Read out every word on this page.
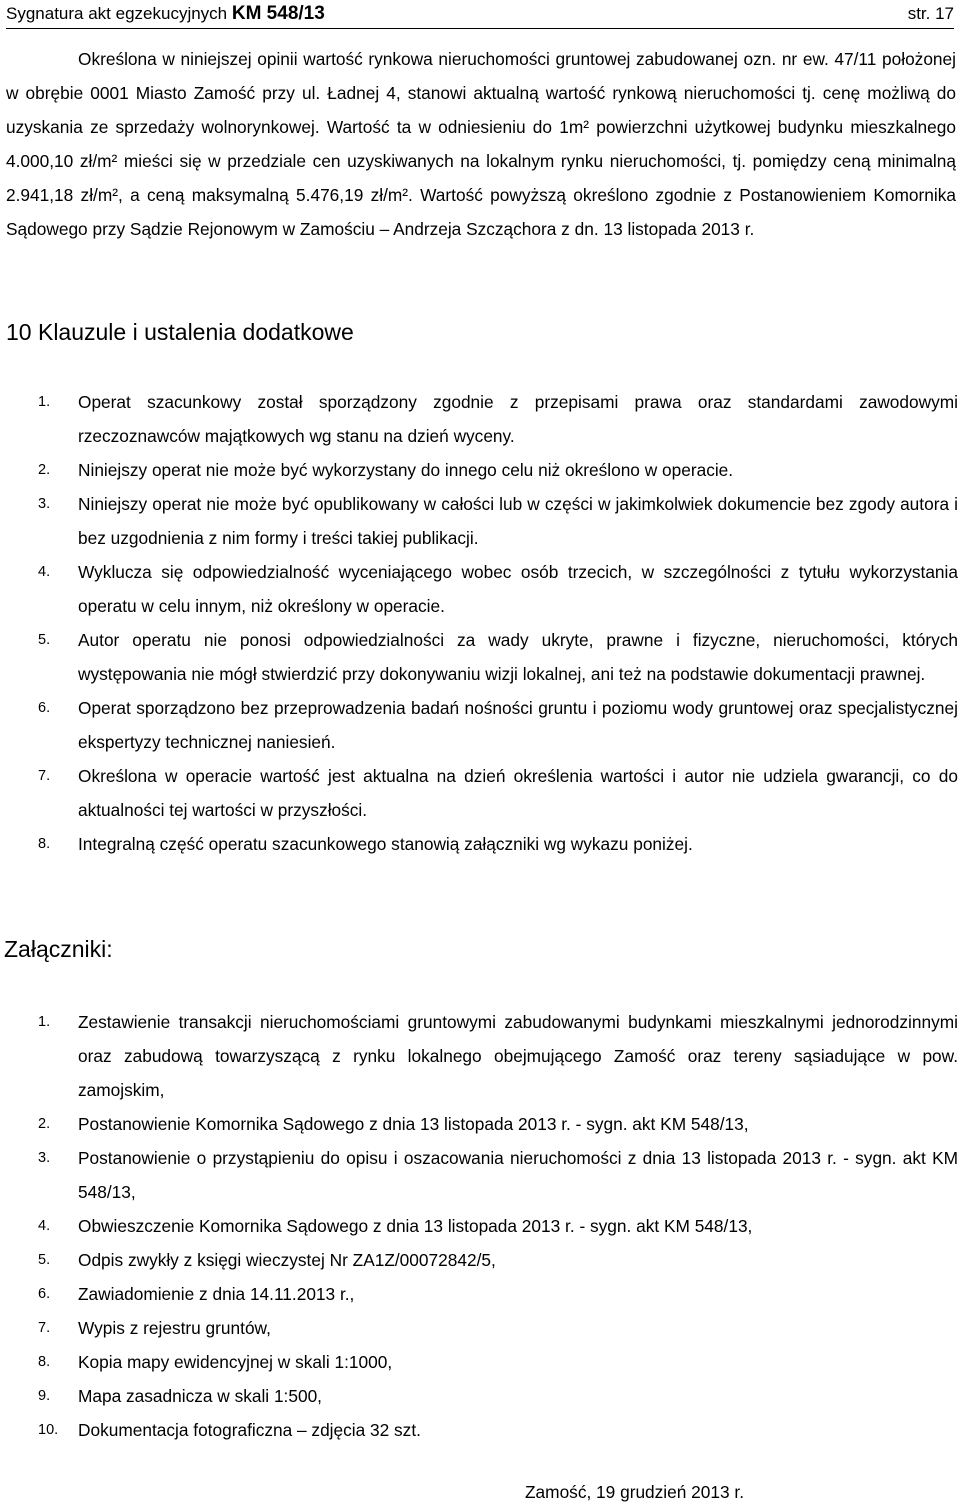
Sygnatura akt egzekucyjnych KM 548/13	str. 17

Określona w niniejszej opinii wartość rynkowa nieruchomości gruntowej zabudowanej ozn. nr ew. 47/11 położonej w obrębie 0001 Miasto Zamość przy ul. Ładnej 4, stanowi aktualną wartość rynkową nieruchomości tj. cenę możliwą do uzyskania ze sprzedaży wolnorynkowej. Wartość ta w odniesieniu do 1m² powierzchni użytkowej budynku mieszkalnego 4.000,10 zł/m² mieści się w przedziale cen uzyskiwanych na lokalnym rynku nieruchomości, tj. pomiędzy ceną minimalną 2.941,18 zł/m², a ceną maksymalną 5.476,19 zł/m². Wartość powyższą określono zgodnie z Postanowieniem Komornika Sądowego przy Sądzie Rejonowym w Zamościu – Andrzeja Szcząchora z dn. 13 listopada 2013 r.

10 Klauzule i ustalenia dodatkowe
1. Operat szacunkowy został sporządzony zgodnie z przepisami prawa oraz standardami zawodowymi rzeczoznawców majątkowych wg stanu na dzień wyceny.
2. Niniejszy operat nie może być wykorzystany do innego celu niż określono w operacie.
3. Niniejszy operat nie może być opublikowany w całości lub w części w jakimkolwiek dokumencie bez zgody autora i bez uzgodnienia z nim formy i treści takiej publikacji.
4. Wyklucza się odpowiedzialność wyceniającego wobec osób trzecich, w szczególności z tytułu wykorzystania operatu w celu innym, niż określony w operacie.
5. Autor operatu nie ponosi odpowiedzialności za wady ukryte, prawne i fizyczne, nieruchomości, których występowania nie mógł stwierdzić przy dokonywaniu wizji lokalnej, ani też na podstawie dokumentacji prawnej.
6. Operat sporządzono bez przeprowadzenia badań nośności gruntu i poziomu wody gruntowej oraz specjalistycznej ekspertyzy technicznej naniesień.
7. Określona w operacie wartość jest aktualna na dzień określenia wartości i autor nie udziela gwarancji, co do aktualności tej wartości w przyszłości.
8. Integralną część operatu szacunkowego stanowią załączniki wg wykazu poniżej.
Załączniki:
1. Zestawienie transakcji nieruchomościami gruntowymi zabudowanymi budynkami mieszkalnymi jednorodzinnymi oraz zabudową towarzyszącą z rynku lokalnego obejmującego Zamość oraz tereny sąsiadujące w pow. zamojskim,
2. Postanowienie Komornika Sądowego z dnia 13 listopada 2013 r. - sygn. akt KM 548/13,
3. Postanowienie o przystąpieniu do opisu i oszacowania nieruchomości z dnia 13 listopada 2013 r. - sygn. akt KM 548/13,
4. Obwieszczenie Komornika Sądowego z dnia 13 listopada 2013 r. - sygn. akt KM 548/13,
5. Odpis zwykły z księgi wieczystej Nr ZA1Z/00072842/5,
6. Zawiadomienie z dnia 14.11.2013 r.,
7. Wypis z rejestru gruntów,
8. Kopia mapy ewidencyjnej w skali 1:1000,
9. Mapa zasadnicza w skali 1:500,
10. Dokumentacja fotograficzna – zdjęcia 32 szt.
Zamość, 19 grudzień 2013 r.
